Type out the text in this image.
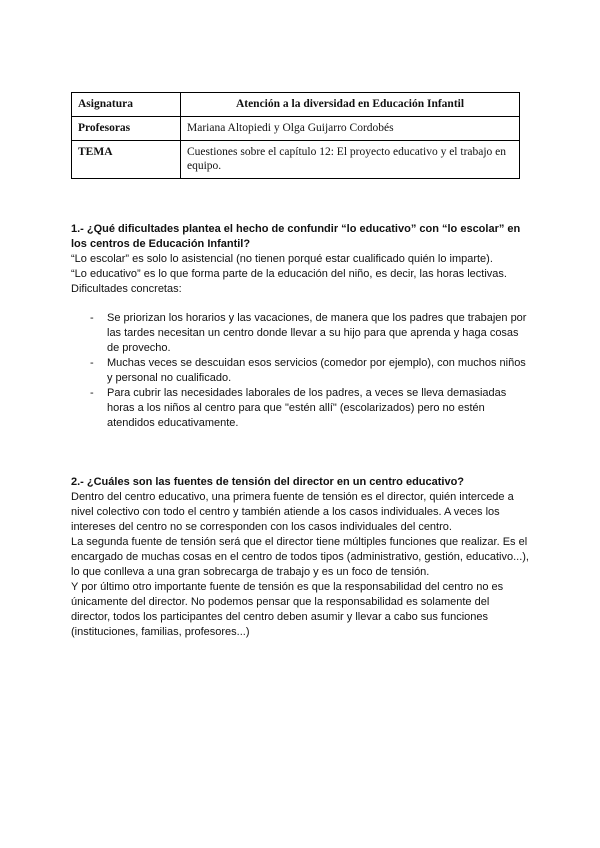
Asignatura	Atención a la diversidad en Educación Infantil
Profesoras	Mariana Altopiedi y Olga Guijarro Cordobés
TEMA	Cuestiones sobre el capítulo 12: El proyecto educativo y el trabajo en equipo.
1.- ¿Qué dificultades plantea el hecho de confundir “lo educativo” con “lo escolar” en los centros de Educación Infantil?

“Lo escolar” es solo lo asistencial (no tienen porqué estar cualificado quién lo imparte).

“Lo educativo” es lo que forma parte de la educación del niño, es decir, las horas lectivas.

Dificultades concretas:

- Se priorizan los horarios y las vacaciones, de manera que los padres que trabajen por las tardes necesitan un centro donde llevar a su hijo para que aprenda y haga cosas de provecho.
- Muchas veces se descuidan esos servicios (comedor por ejemplo), con muchos niños y personal no cualificado.
- Para cubrir las necesidades laborales de los padres, a veces se lleva demasiadas horas a los niños al centro para que "estén allí" (escolarizados) pero no estén atendidos educativamente.
2.- ¿Cuáles son las fuentes de tensión del director en un centro educativo?

Dentro del centro educativo, una primera fuente de tensión es el director, quién intercede a nivel colectivo con todo el centro y también atiende a los casos individuales. A veces los intereses del centro no se corresponden con los casos individuales del centro.

La segunda fuente de tensión será que el director tiene múltiples funciones que realizar. Es el encargado de muchas cosas en el centro de todos tipos (administrativo, gestión, educativo...), lo que conlleva a una gran sobrecarga de trabajo y es un foco de tensión.

Y por último otro importante fuente de tensión es que la responsabilidad del centro no es únicamente del director. No podemos pensar que la responsabilidad es solamente del director, todos los participantes del centro deben asumir y llevar a cabo sus funciones (instituciones, familias, profesores...)
